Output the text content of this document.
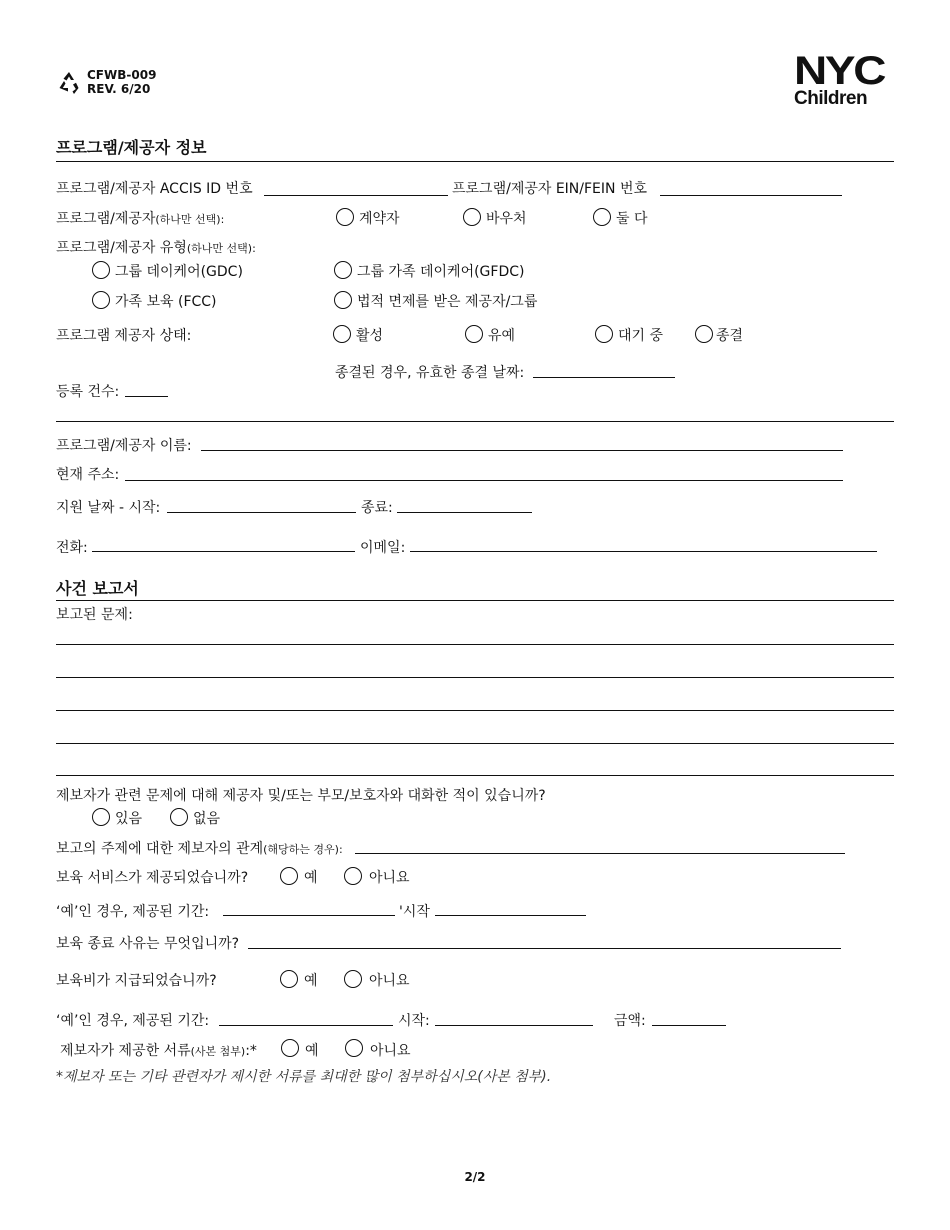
CFWB-009
REV. 6/20	NYC
Children
프로그램/제공자 정보
프로그램/제공자 ACCIS ID 번호	프로그램/제공자 EIN/FEIN 번호
프로그램/제공자(하나만 선택):	계약자	바우처	둘 다
프로그램/제공자 유형(하나만 선택):
그룹 데이케어(GDC)	그룹 가족 데이케어(GFDC)
가족 보육 (FCC)	법적 면제를 받은 제공자/그룹
프로그램 제공자 상태:	활성	유예	대기 중	종결
종결된 경우, 유효한 종결 날짜:
등록 건수:
프로그램/제공자 이름:
현재 주소:
지원 날짜 - 시작:	종료:
전화:	이메일:
사건 보고서
보고된 문제:
제보자가 관련 문제에 대해 제공자 및/또는 부모/보호자와 대화한 적이 있습니까?
있음	없음
보고의 주제에 대한 제보자의 관계(해당하는 경우):
보육 서비스가 제공되었습니까?	예	아니요
‘예’인 경우, 제공된 기간:	'시작
보육 종료 사유는 무엇입니까?
보육비가 지급되었습니까?	예	아니요
‘예’인 경우, 제공된 기간:	시작:	금액:
제보자가 제공한 서류(사본 첨부):*	예	아니요
*제보자 또는 기타 관련자가 제시한 서류를 최대한 많이 첨부하십시오(사본 첨부).
2/2
